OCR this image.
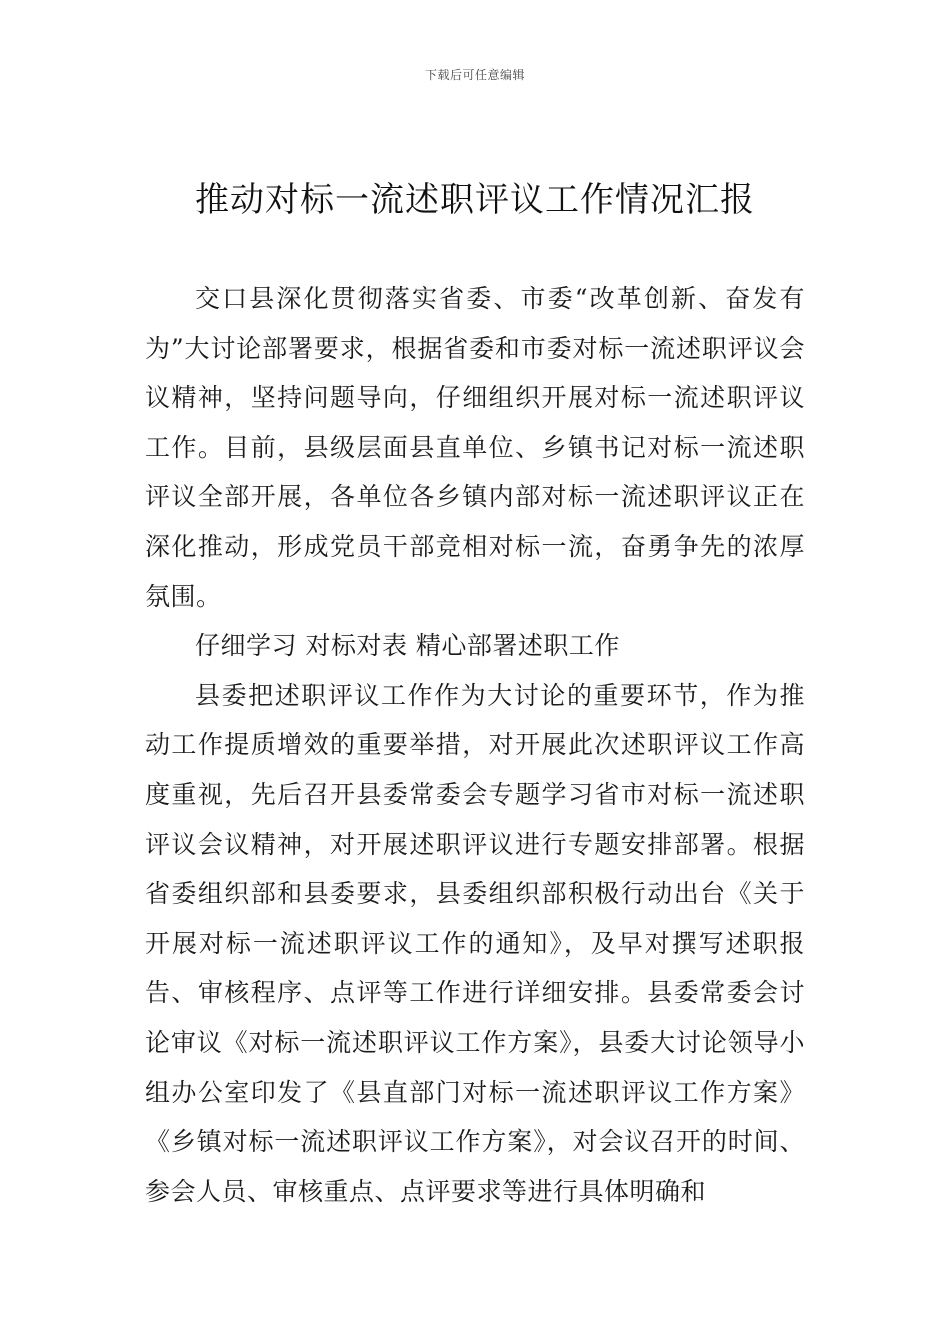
下载后可任意编辑
推动对标一流述职评议工作情况汇报

交口县深化贯彻落实省委、市委“改革创新、奋发有为”大讨论部署要求，根据省委和市委对标一流述职评议会议精神，坚持问题导向，仔细组织开展对标一流述职评议工作。目前，县级层面县直单位、乡镇书记对标一流述职评议全部开展，各单位各乡镇内部对标一流述职评议正在深化推动，形成党员干部竞相对标一流，奋勇争先的浓厚氛围。

仔细学习 对标对表 精心部署述职工作

县委把述职评议工作作为大讨论的重要环节，作为推动工作提质增效的重要举措，对开展此次述职评议工作高度重视，先后召开县委常委会专题学习省市对标一流述职评议会议精神，对开展述职评议进行专题安排部署。根据省委组织部和县委要求，县委组织部积极行动出台《关于开展对标一流述职评议工作的通知》，及早对撰写述职报告、审核程序、点评等工作进行详细安排。县委常委会讨论审议《对标一流述职评议工作方案》，县委大讨论领导小组办公室印发了《县直部门对标一流述职评议工作方案》《乡镇对标一流述职评议工作方案》，对会议召开的时间、参会人员、审核重点、点评要求等进行具体明确和
